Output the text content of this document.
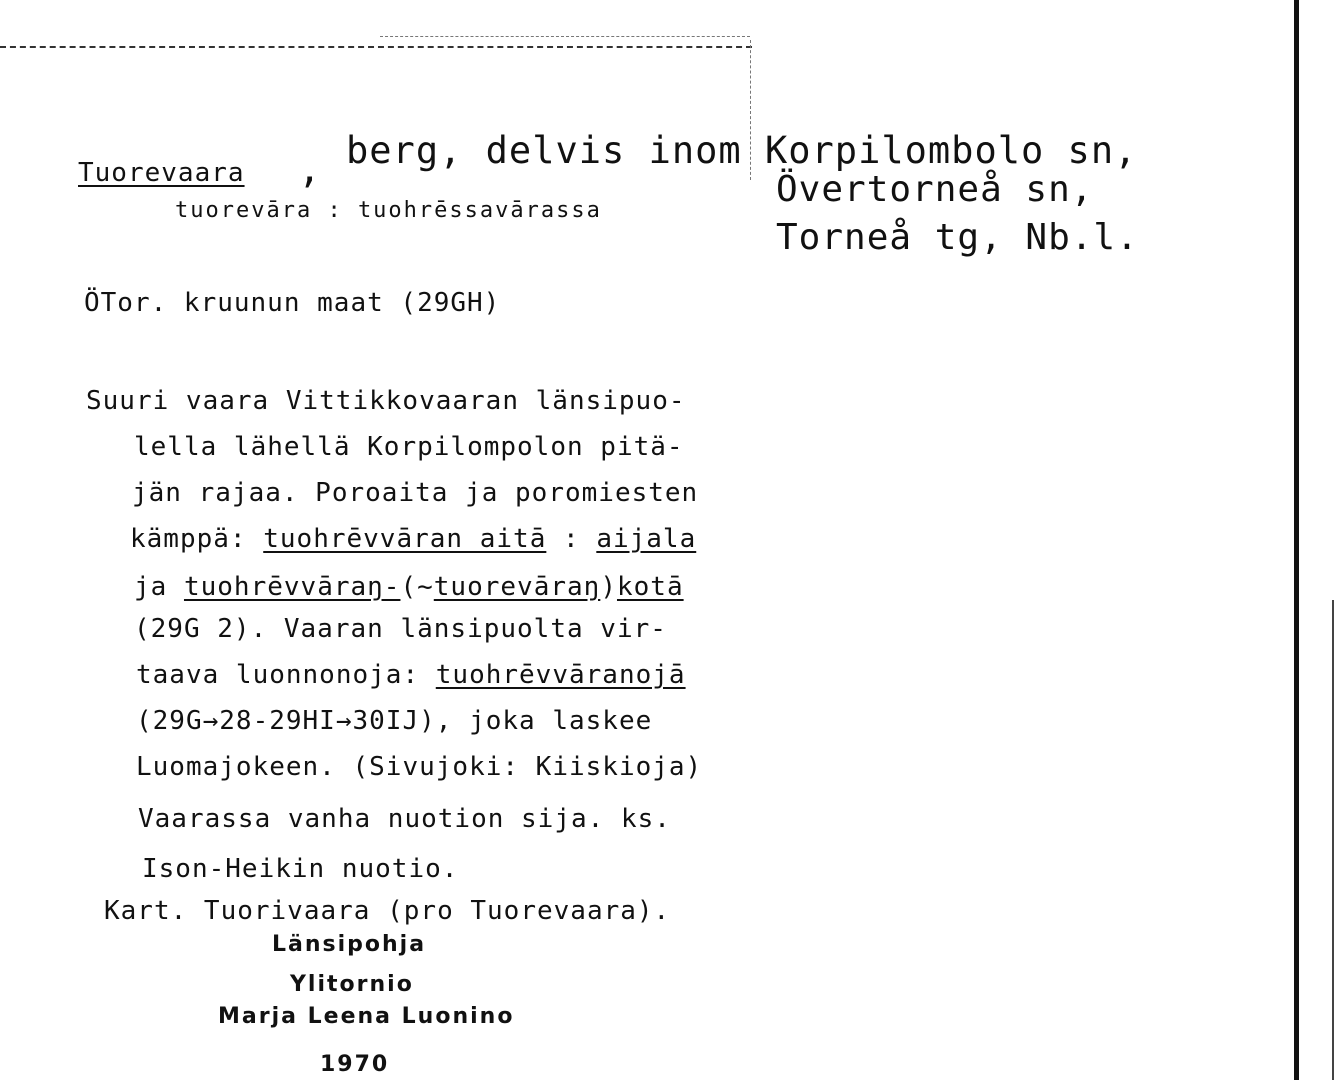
Tuorevaara , berg, delvis inom Korpilombolo sn,
tuorevāra : tuohrēssavārassa
Övertorneå sn,
Torneå tg, Nb.l.
ÖTor. kruunun maat (29GH)
Suuri vaara Vittikkovaaran länsipuo-
lella lähellä Korpilompolon pitä-
jän rajaa. Poroaita ja poromiesten
kämppä: tuohrēvvāran aitā : aijala
ja tuohrēvvāraŋ-(~tuorevāraŋ)kotā
(29G 2). Vaaran länsipuolta vir-
taava luonnonoja: tuohrēvvāranojā
(29G→28-29HI→30IJ), joka laskee
Luomajokeen. (Sivujoki: Kiiskioja)
Vaarassa vanha nuotion sija. ks.
Ison-Heikin nuotio.
Kart. Tuorivaara (pro Tuorevaara).
Länsipohja
Ylitornio
Marja Leena Luonino
1970
